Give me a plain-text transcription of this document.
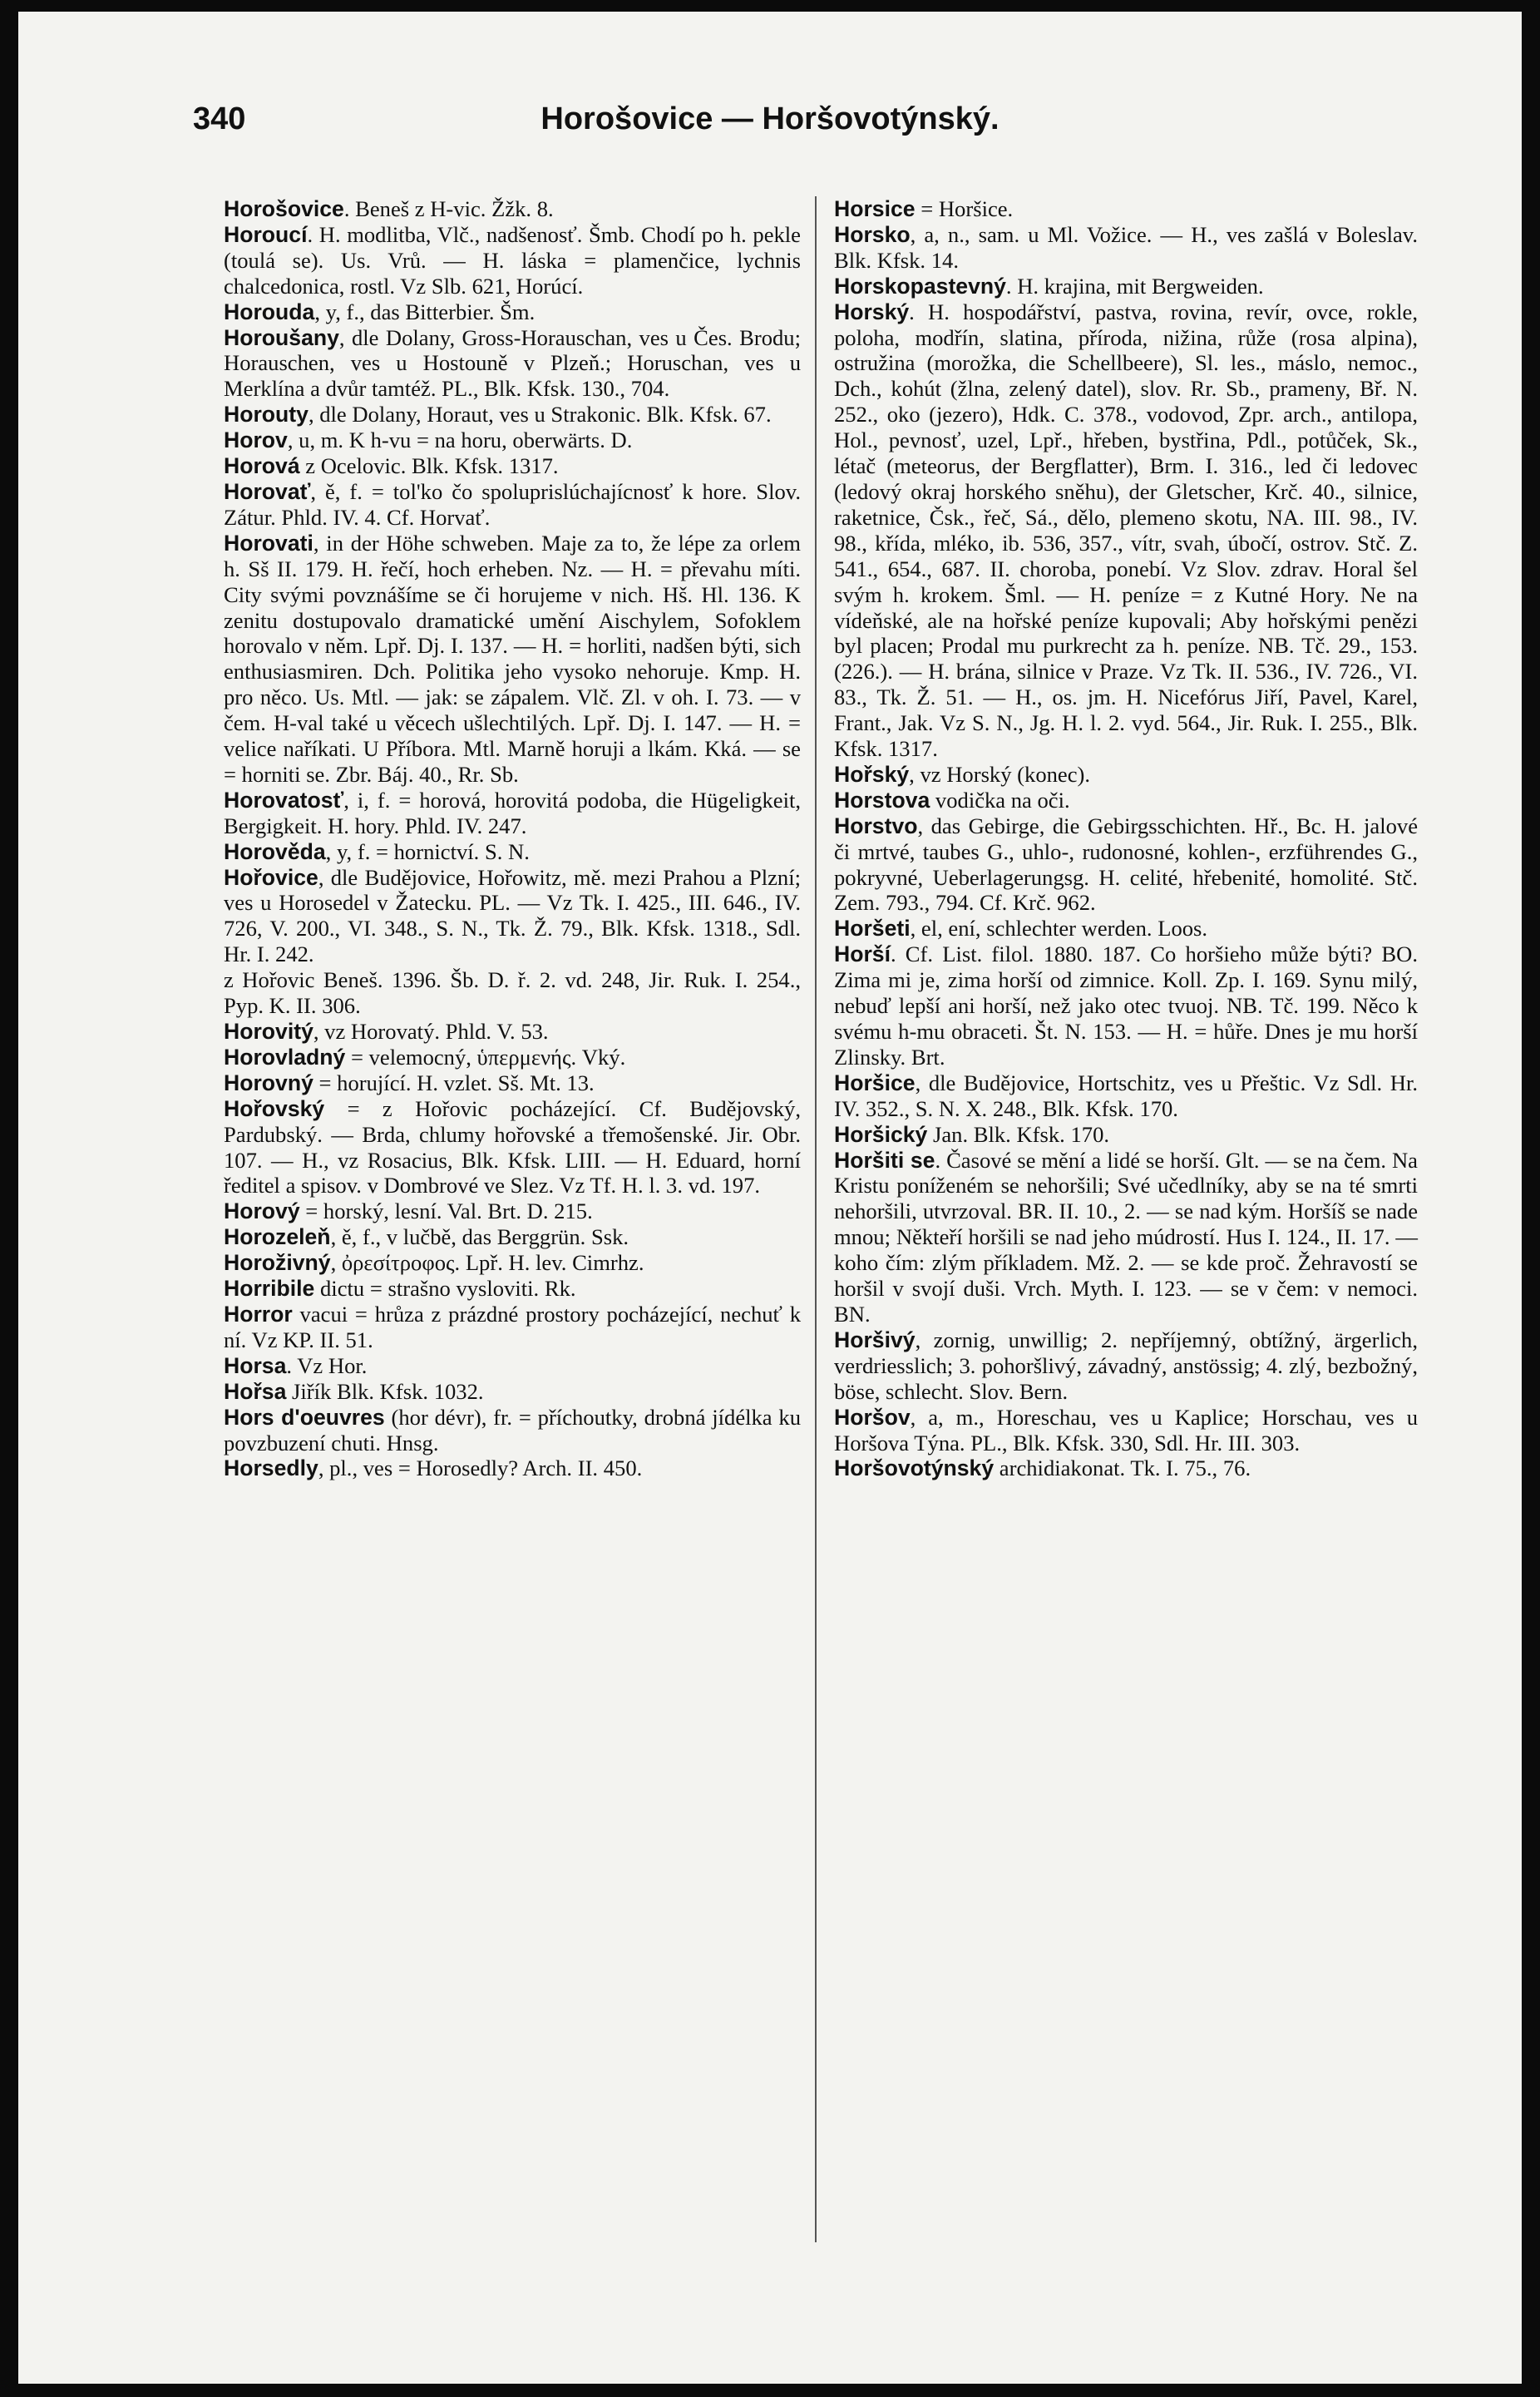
340	Horošovice — Horšovotýnský.

Horošovice. Beneš z H-vic. Žžk. 8.

Horoucí. H. modlitba, Vlč., nadšenosť. Šmb. Chodí po h. pekle (toulá se). Us. Vrů. — H. láska = plamenčice, lychnis chalcedonica, rostl. Vz Slb. 621, Horúcí.

Horouda, y, f., das Bitterbier. Šm.

Horoušany, dle Dolany, Gross-Horauschan, ves u Čes. Brodu; Horauschen, ves u Hostouně v Plzeň.; Horuschan, ves u Merklína a dvůr tamtéž. PL., Blk. Kfsk. 130., 704.

Horouty, dle Dolany, Horaut, ves u Strakonic. Blk. Kfsk. 67.

Horov, u, m. K h-vu = na horu, oberwärts. D.

Horová z Ocelovic. Blk. Kfsk. 1317.

Horovať, ě, f. = tol'ko čo spoluprislúchajícnosť k hore. Slov. Zátur. Phld. IV. 4. Cf. Horvať.

Horovati, in der Höhe schweben. Maje za to, že lépe za orlem h. Sš II. 179. H. řečí, hoch erheben. Nz. — H. = převahu míti. City svými povznášíme se či horujeme v nich. Hš. Hl. 136. K zenitu dostupovalo dramatické umění Aischylem, Sofoklem horovalo v něm. Lpř. Dj. I. 137. — H. = horliti, nadšen býti, sich enthusiasmiren. Dch. Politika jeho vysoko nehoruje. Kmp. H. pro něco. Us. Mtl. — jak: se zápalem. Vlč. Zl. v oh. I. 73. — v čem. H-val také u věcech ušlechtilých. Lpř. Dj. I. 147. — H. = velice naříkati. U Příbora. Mtl. Marně horuji a lkám. Kká. — se = horniti se. Zbr. Báj. 40., Rr. Sb.

Horovatosť, i, f. = horová, horovitá podoba, die Hügeligkeit, Bergigkeit. H. hory. Phld. IV. 247.

Horověda, y, f. = hornictví. S. N.

Hořovice, dle Budějovice, Hořowitz, mě. mezi Prahou a Plzní; ves u Horosedel v Žatecku. PL. — Vz Tk. I. 425., III. 646., IV. 726, V. 200., VI. 348., S. N., Tk. Ž. 79., Blk. Kfsk. 1318., Sdl. Hr. I. 242.

z Hořovic Beneš. 1396. Šb. D. ř. 2. vd. 248, Jir. Ruk. I. 254., Pyp. K. II. 306.

Horovitý, vz Horovatý. Phld. V. 53.

Horovladný = velemocný, ὑπερμενής. Vký.

Horovný = horující. H. vzlet. Sš. Mt. 13.

Hořovský = z Hořovic pocházející. Cf. Budějovský, Pardubský. — Brda, chlumy hořovské a třemošenské. Jir. Obr. 107. — H., vz Rosacius, Blk. Kfsk. LIII. — H. Eduard, horní ředitel a spisov. v Dombrové ve Slez. Vz Tf. H. l. 3. vd. 197.

Horový = horský, lesní. Val. Brt. D. 215.

Horozeleň, ě, f., v lučbě, das Berggrün. Ssk.

Horoživný, ὀρεσίτροφος. Lpř. H. lev. Cimrhz.

Horribile dictu = strašno vysloviti. Rk.

Horror vacui = hrůza z prázdné prostory pocházející, nechuť k ní. Vz KP. II. 51.

Horsa. Vz Hor.

Hořsa Jiřík Blk. Kfsk. 1032.

Hors d'oeuvres (hor dévr), fr. = příchoutky, drobná jídélka ku povzbuzení chuti. Hnsg.

Horsedly, pl., ves = Horosedly? Arch. II. 450.

Horsice = Horšice.

Horsko, a, n., sam. u Ml. Vožice. — H., ves zašlá v Boleslav. Blk. Kfsk. 14.

Horskopastevný. H. krajina, mit Bergweiden.

Horský. H. hospodářství, pastva, rovina, revír, ovce, rokle, poloha, modřín, slatina, příroda, nižina, růže (rosa alpina), ostružina (morožka, die Schellbeere), Sl. les., máslo, nemoc., Dch., kohút (žlna, zelený datel), slov. Rr. Sb., prameny, Bř. N. 252., oko (jezero), Hdk. C. 378., vodovod, Zpr. arch., antilopa, Hol., pevnosť, uzel, Lpř., hřeben, bystřina, Pdl., potůček, Sk., létač (meteorus, der Bergflatter), Brm. I. 316., led či ledovec (ledový okraj horského sněhu), der Gletscher, Krč. 40., silnice, raketnice, Čsk., řeč, Sá., dělo, plemeno skotu, NA. III. 98., IV. 98., křída, mléko, ib. 536, 357., vítr, svah, úbočí, ostrov. Stč. Z. 541., 654., 687. II. choroba, ponebí. Vz Slov. zdrav. Horal šel svým h. krokem. Šml. — H. peníze = z Kutné Hory. Ne na vídeňské, ale na hořské peníze kupovali; Aby hořskými penězi byl placen; Prodal mu purkrecht za h. peníze. NB. Tč. 29., 153. (226.). — H. brána, silnice v Praze. Vz Tk. II. 536., IV. 726., VI. 83., Tk. Ž. 51. — H., os. jm. H. Nicefórus Jiří, Pavel, Karel, Frant., Jak. Vz S. N., Jg. H. l. 2. vyd. 564., Jir. Ruk. I. 255., Blk. Kfsk. 1317.

Hořský, vz Horský (konec).

Horstova vodička na oči.

Horstvo, das Gebirge, die Gebirgsschichten. Hř., Bc. H. jalové či mrtvé, taubes G., uhlo-, rudonosné, kohlen-, erzführendes G., pokryvné, Ueberlagerungsg. H. celité, hřebenité, homolité. Stč. Zem. 793., 794. Cf. Krč. 962.

Horšeti, el, ení, schlechter werden. Loos.

Horší. Cf. List. filol. 1880. 187. Co horšieho může býti? BO. Zima mi je, zima horší od zimnice. Koll. Zp. I. 169. Synu milý, nebuď lepší ani horší, než jako otec tvuoj. NB. Tč. 199. Něco k svému h-mu obraceti. Št. N. 153. — H. = hůře. Dnes je mu horší Zlinsky. Brt.

Horšice, dle Budějovice, Hortschitz, ves u Přeštic. Vz Sdl. Hr. IV. 352., S. N. X. 248., Blk. Kfsk. 170.

Horšický Jan. Blk. Kfsk. 170.

Horšiti se. Časové se mění a lidé se horší. Glt. — se na čem. Na Kristu poníženém se nehoršili; Své učedlníky, aby se na té smrti nehoršili, utvrzoval. BR. II. 10., 2. — se nad kým. Horšíš se nade mnou; Někteří horšili se nad jeho múdrostí. Hus I. 124., II. 17. — koho čím: zlým příkladem. Mž. 2. — se kde proč. Žehravostí se horšil v svojí duši. Vrch. Myth. I. 123. — se v čem: v nemoci. BN.

Horšivý, zornig, unwillig; 2. nepříjemný, obtížný, ärgerlich, verdriesslich; 3. pohoršlivý, závadný, anstössig; 4. zlý, bezbožný, böse, schlecht. Slov. Bern.

Horšov, a, m., Horeschau, ves u Kaplice; Horschau, ves u Horšova Týna. PL., Blk. Kfsk. 330, Sdl. Hr. III. 303.

Horšovotýnský archidiakonat. Tk. I. 75., 76.
